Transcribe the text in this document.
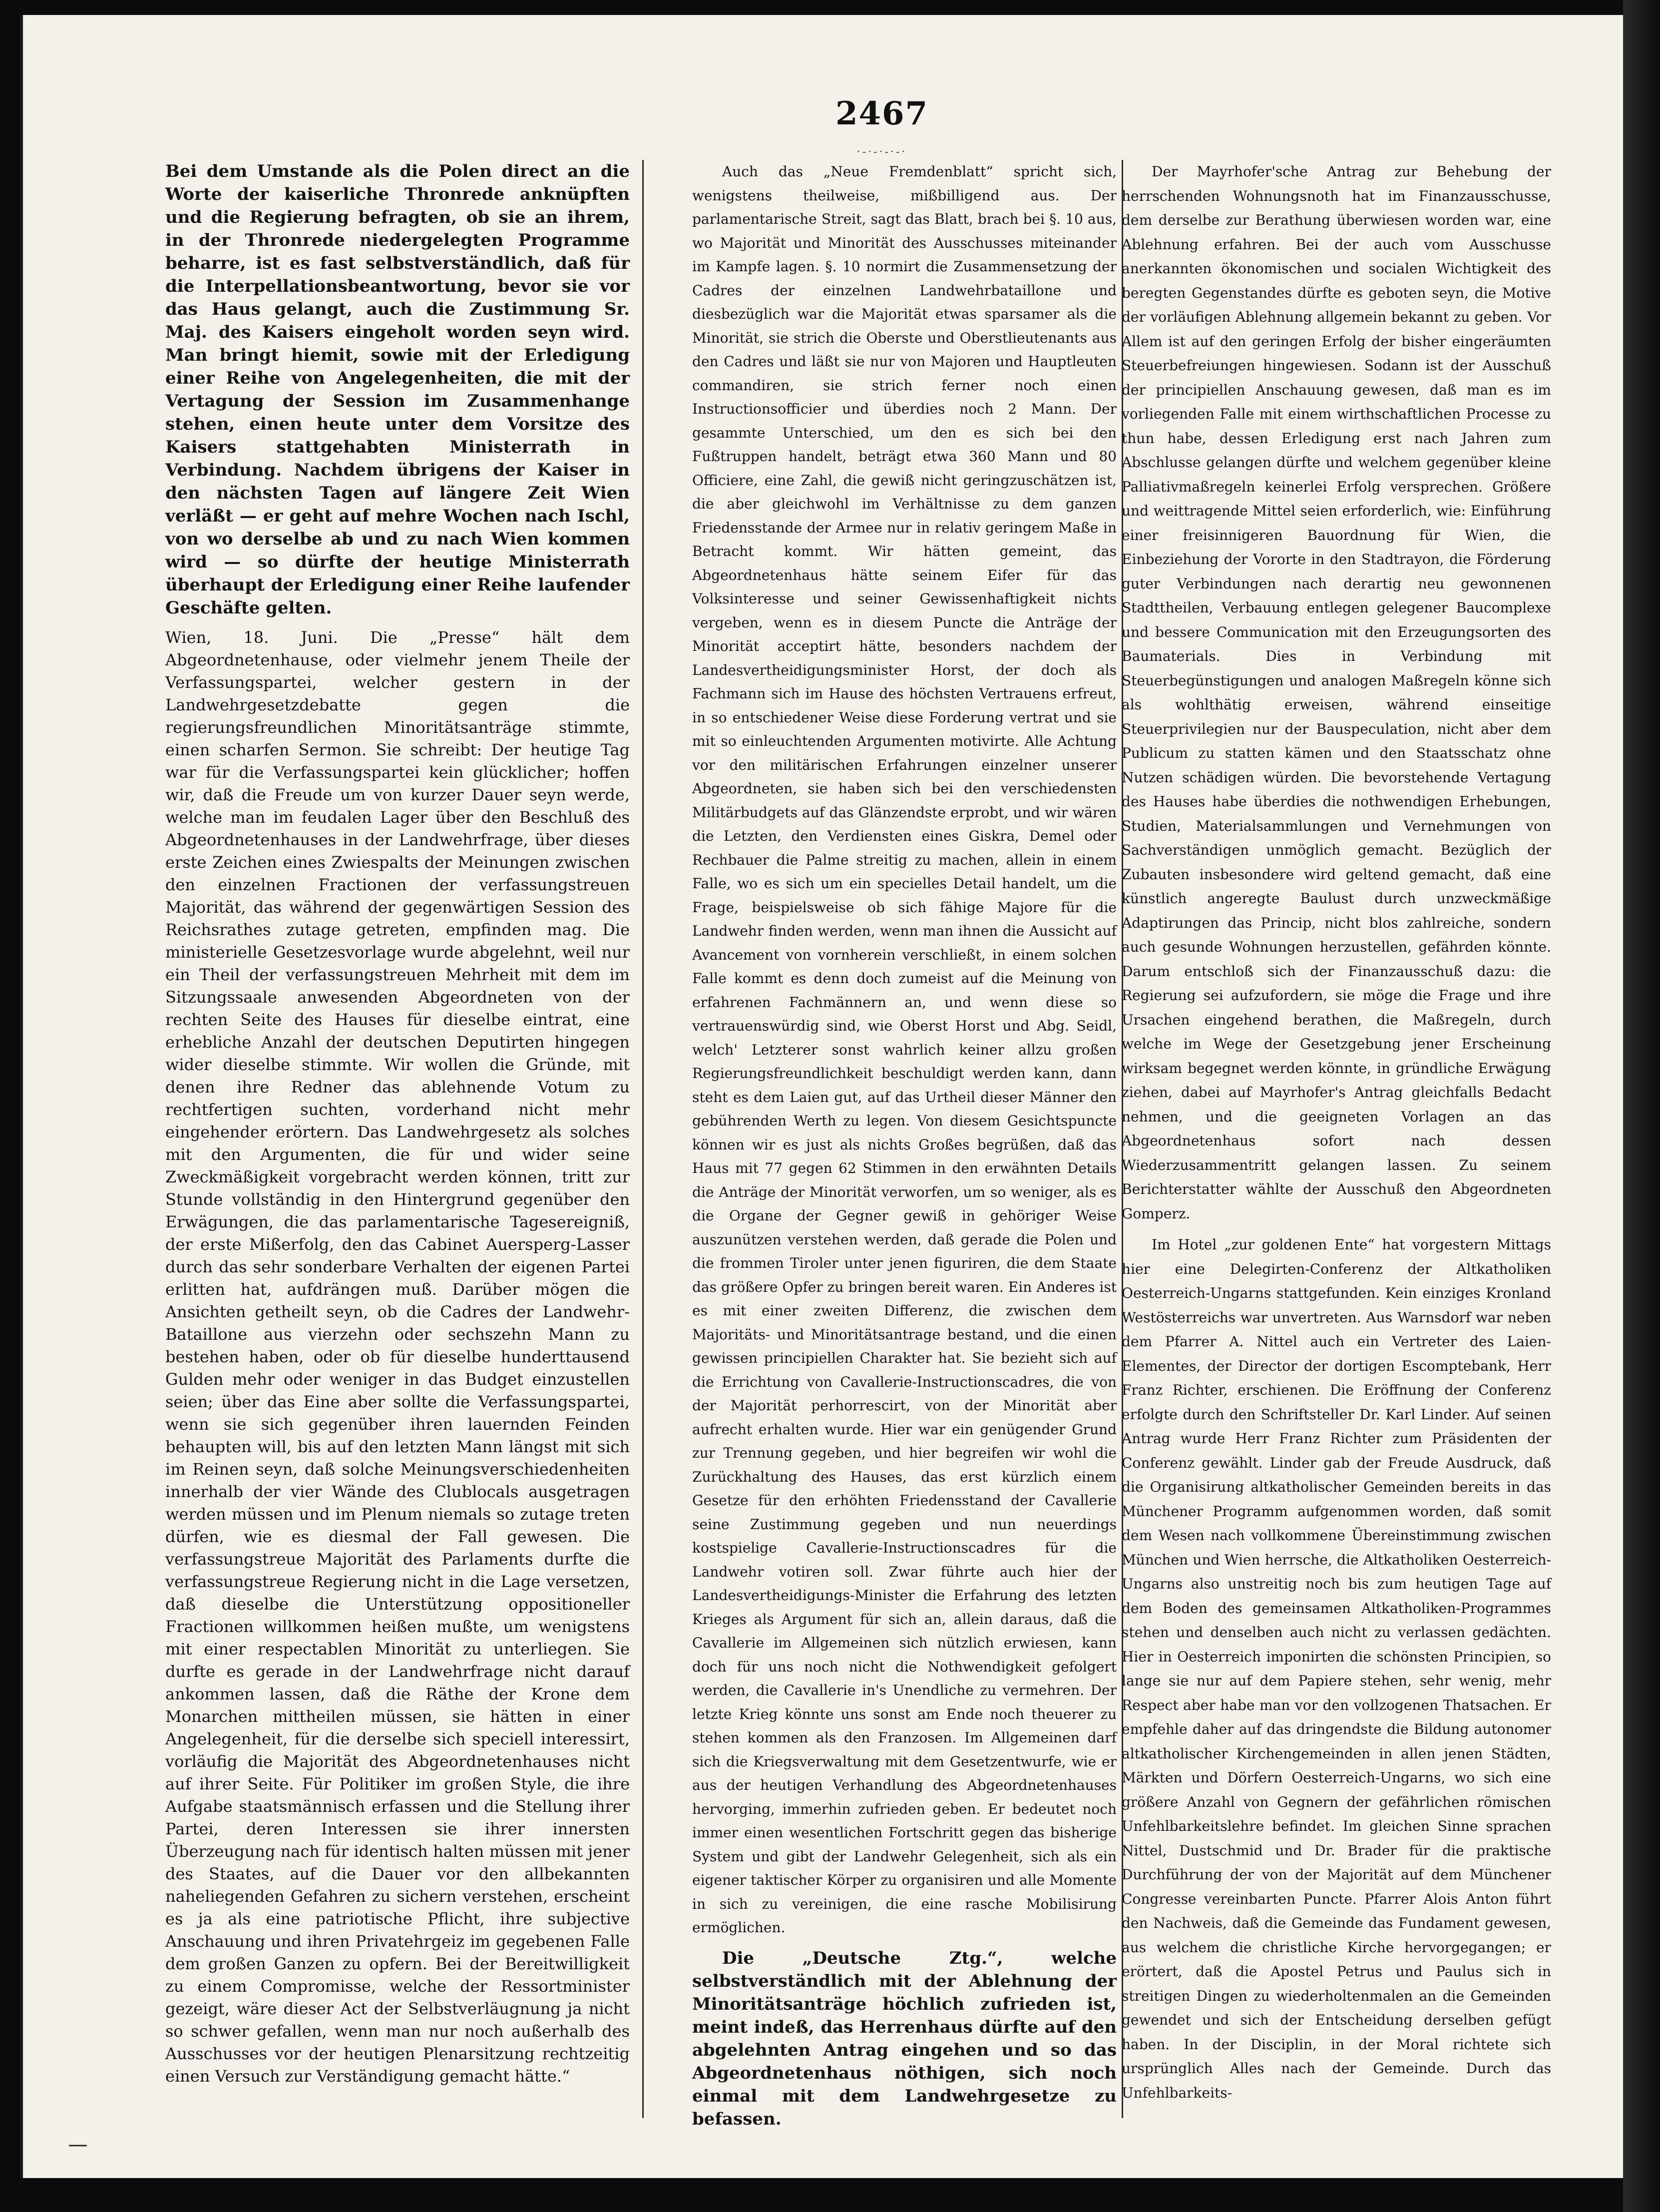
2467
·-·-·-·-·

Bei dem Umstande als die Polen direct an die Worte der kaiserliche Thronrede anknüpften und die Regierung befragten, ob sie an ihrem, in der Thronrede niedergelegten Programme beharre, ist es fast selbstverständlich, daß für die Interpellationsbeantwortung, bevor sie vor das Haus gelangt, auch die Zustimmung Sr. Maj. des Kaisers eingeholt worden seyn wird. Man bringt hiemit, sowie mit der Erledigung einer Reihe von Angelegenheiten, die mit der Vertagung der Session im Zusammenhange stehen, einen heute unter dem Vorsitze des Kaisers stattgehabten Ministerrath in Verbindung. Nachdem übrigens der Kaiser in den nächsten Tagen auf längere Zeit Wien verläßt — er geht auf mehre Wochen nach Ischl, von wo derselbe ab und zu nach Wien kommen wird — so dürfte der heutige Ministerrath überhaupt der Erledigung einer Reihe laufender Geschäfte gelten.

Wien, 18. Juni. Die „Presse“ hält dem Abgeordnetenhause, oder vielmehr jenem Theile der Verfassungspartei, welcher gestern in der Landwehrgesetzdebatte gegen die regierungsfreundlichen Minoritätsanträge stimmte, einen scharfen Sermon. Sie schreibt: Der heutige Tag war für die Verfassungspartei kein glücklicher; hoffen wir, daß die Freude um von kurzer Dauer seyn werde, welche man im feudalen Lager über den Beschluß des Abgeordnetenhauses in der Landwehrfrage, über dieses erste Zeichen eines Zwiespalts der Meinungen zwischen den einzelnen Fractionen der verfassungstreuen Majorität, das während der gegenwärtigen Session des Reichsrathes zutage getreten, empfinden mag. Die ministerielle Gesetzesvorlage wurde abgelehnt, weil nur ein Theil der verfassungstreuen Mehrheit mit dem im Sitzungssaale anwesenden Abgeordneten von der rechten Seite des Hauses für dieselbe eintrat, eine erhebliche Anzahl der deutschen Deputirten hingegen wider dieselbe stimmte. Wir wollen die Gründe, mit denen ihre Redner das ablehnende Votum zu rechtfertigen suchten, vorderhand nicht mehr eingehender erörtern. Das Landwehrgesetz als solches mit den Argumenten, die für und wider seine Zweckmäßigkeit vorgebracht werden können, tritt zur Stunde vollständig in den Hintergrund gegenüber den Erwägungen, die das parlamentarische Tagesereigniß, der erste Mißerfolg, den das Cabinet Auersperg-Lasser durch das sehr sonderbare Verhalten der eigenen Partei erlitten hat, aufdrängen muß. Darüber mögen die Ansichten getheilt seyn, ob die Cadres der Landwehr-Bataillone aus vierzehn oder sechszehn Mann zu bestehen haben, oder ob für dieselbe hunderttausend Gulden mehr oder weniger in das Budget einzustellen seien; über das Eine aber sollte die Verfassungspartei, wenn sie sich gegenüber ihren lauernden Feinden behaupten will, bis auf den letzten Mann längst mit sich im Reinen seyn, daß solche Meinungsverschiedenheiten innerhalb der vier Wände des Clublocals ausgetragen werden müssen und im Plenum niemals so zutage treten dürfen, wie es diesmal der Fall gewesen. Die verfassungstreue Majorität des Parlaments durfte die verfassungstreue Regierung nicht in die Lage versetzen, daß dieselbe die Unterstützung oppositioneller Fractionen willkommen heißen mußte, um wenigstens mit einer respectablen Minorität zu unterliegen. Sie durfte es gerade in der Landwehrfrage nicht darauf ankommen lassen, daß die Räthe der Krone dem Monarchen mittheilen müssen, sie hätten in einer Angelegenheit, für die derselbe sich speciell interessirt, vorläufig die Majorität des Abgeordnetenhauses nicht auf ihrer Seite. Für Politiker im großen Style, die ihre Aufgabe staatsmännisch erfassen und die Stellung ihrer Partei, deren Interessen sie ihrer innersten Überzeugung nach für identisch halten müssen mit jener des Staates, auf die Dauer vor den allbekannten naheliegenden Gefahren zu sichern verstehen, erscheint es ja als eine patriotische Pflicht, ihre subjective Anschauung und ihren Privatehrgeiz im gegebenen Falle dem großen Ganzen zu opfern. Bei der Bereitwilligkeit zu einem Compromisse, welche der Ressortminister gezeigt, wäre dieser Act der Selbstverläugnung ja nicht so schwer gefallen, wenn man nur noch außerhalb des Ausschusses vor der heutigen Plenarsitzung rechtzeitig einen Versuch zur Verständigung gemacht hätte.“

Auch das „Neue Fremdenblatt“ spricht sich, wenigstens theilweise, mißbilligend aus. Der parlamentarische Streit, sagt das Blatt, brach bei §. 10 aus, wo Majorität und Minorität des Ausschusses miteinander im Kampfe lagen. §. 10 normirt die Zusammensetzung der Cadres der einzelnen Landwehrbataillone und diesbezüglich war die Majorität etwas sparsamer als die Minorität, sie strich die Oberste und Oberstlieutenants aus den Cadres und läßt sie nur von Majoren und Hauptleuten commandiren, sie strich ferner noch einen Instructionsofficier und überdies noch 2 Mann. Der gesammte Unterschied, um den es sich bei den Fußtruppen handelt, beträgt etwa 360 Mann und 80 Officiere, eine Zahl, die gewiß nicht geringzuschätzen ist, die aber gleichwohl im Verhältnisse zu dem ganzen Friedensstande der Armee nur in relativ geringem Maße in Betracht kommt. Wir hätten gemeint, das Abgeordnetenhaus hätte seinem Eifer für das Volksinteresse und seiner Gewissenhaftigkeit nichts vergeben, wenn es in diesem Puncte die Anträge der Minorität acceptirt hätte, besonders nachdem der Landesvertheidigungsminister Horst, der doch als Fachmann sich im Hause des höchsten Vertrauens erfreut, in so entschiedener Weise diese Forderung vertrat und sie mit so einleuchtenden Argumenten motivirte. Alle Achtung vor den militärischen Erfahrungen einzelner unserer Abgeordneten, sie haben sich bei den verschiedensten Militärbudgets auf das Glänzendste erprobt, und wir wären die Letzten, den Verdiensten eines Giskra, Demel oder Rechbauer die Palme streitig zu machen, allein in einem Falle, wo es sich um ein specielles Detail handelt, um die Frage, beispielsweise ob sich fähige Majore für die Landwehr finden werden, wenn man ihnen die Aussicht auf Avancement von vornherein verschließt, in einem solchen Falle kommt es denn doch zumeist auf die Meinung von erfahrenen Fachmännern an, und wenn diese so vertrauenswürdig sind, wie Oberst Horst und Abg. Seidl, welch' Letzterer sonst wahrlich keiner allzu großen Regierungsfreundlichkeit beschuldigt werden kann, dann steht es dem Laien gut, auf das Urtheil dieser Männer den gebührenden Werth zu legen. Von diesem Gesichtspuncte können wir es just als nichts Großes begrüßen, daß das Haus mit 77 gegen 62 Stimmen in den erwähnten Details die Anträge der Minorität verworfen, um so weniger, als es die Organe der Gegner gewiß in gehöriger Weise auszunützen verstehen werden, daß gerade die Polen und die frommen Tiroler unter jenen figuriren, die dem Staate das größere Opfer zu bringen bereit waren. Ein Anderes ist es mit einer zweiten Differenz, die zwischen dem Majoritäts- und Minoritätsantrage bestand, und die einen gewissen principiellen Charakter hat. Sie bezieht sich auf die Errichtung von Cavallerie-Instructionscadres, die von der Majorität perhorrescirt, von der Minorität aber aufrecht erhalten wurde. Hier war ein genügender Grund zur Trennung gegeben, und hier begreifen wir wohl die Zurückhaltung des Hauses, das erst kürzlich einem Gesetze für den erhöhten Friedensstand der Cavallerie seine Zustimmung gegeben und nun neuerdings kostspielige Cavallerie-Instructionscadres für die Landwehr votiren soll. Zwar führte auch hier der Landesvertheidigungs-Minister die Erfahrung des letzten Krieges als Argument für sich an, allein daraus, daß die Cavallerie im Allgemeinen sich nützlich erwiesen, kann doch für uns noch nicht die Nothwendigkeit gefolgert werden, die Cavallerie in's Unendliche zu vermehren. Der letzte Krieg könnte uns sonst am Ende noch theuerer zu stehen kommen als den Franzosen. Im Allgemeinen darf sich die Kriegsverwaltung mit dem Gesetzentwurfe, wie er aus der heutigen Verhandlung des Abgeordnetenhauses hervorging, immerhin zufrieden geben. Er bedeutet noch immer einen wesentlichen Fortschritt gegen das bisherige System und gibt der Landwehr Gelegenheit, sich als ein eigener taktischer Körper zu organisiren und alle Momente in sich zu vereinigen, die eine rasche Mobilisirung ermöglichen.

Die „Deutsche Ztg.“, welche selbstverständlich mit der Ablehnung der Minoritätsanträge höchlich zufrieden ist, meint indeß, das Herrenhaus dürfte auf den abgelehnten Antrag eingehen und so das Abgeordnetenhaus nöthigen, sich noch einmal mit dem Landwehrgesetze zu befassen.

Der Mayrhofer'sche Antrag zur Behebung der herrschenden Wohnungsnoth hat im Finanzausschusse, dem derselbe zur Berathung überwiesen worden war, eine Ablehnung erfahren. Bei der auch vom Ausschusse anerkannten ökonomischen und socialen Wichtigkeit des beregten Gegenstandes dürfte es geboten seyn, die Motive der vorläufigen Ablehnung allgemein bekannt zu geben. Vor Allem ist auf den geringen Erfolg der bisher eingeräumten Steuerbefreiungen hingewiesen. Sodann ist der Ausschuß der principiellen Anschauung gewesen, daß man es im vorliegenden Falle mit einem wirthschaftlichen Processe zu thun habe, dessen Erledigung erst nach Jahren zum Abschlusse gelangen dürfte und welchem gegenüber kleine Palliativmaßregeln keinerlei Erfolg versprechen. Größere und weittragende Mittel seien erforderlich, wie: Einführung einer freisinnigeren Bauordnung für Wien, die Einbeziehung der Vororte in den Stadtrayon, die Förderung guter Verbindungen nach derartig neu gewonnenen Stadttheilen, Verbauung entlegen gelegener Baucomplexe und bessere Communication mit den Erzeugungsorten des Baumaterials. Dies in Verbindung mit Steuerbegünstigungen und analogen Maßregeln könne sich als wohlthätig erweisen, während einseitige Steuerprivilegien nur der Bauspeculation, nicht aber dem Publicum zu statten kämen und den Staatsschatz ohne Nutzen schädigen würden. Die bevorstehende Vertagung des Hauses habe überdies die nothwendigen Erhebungen, Studien, Materialsammlungen und Vernehmungen von Sachverständigen unmöglich gemacht. Bezüglich der Zubauten insbesondere wird geltend gemacht, daß eine künstlich angeregte Baulust durch unzweckmäßige Adaptirungen das Princip, nicht blos zahlreiche, sondern auch gesunde Wohnungen herzustellen, gefährden könnte. Darum entschloß sich der Finanzausschuß dazu: die Regierung sei aufzufordern, sie möge die Frage und ihre Ursachen eingehend berathen, die Maßregeln, durch welche im Wege der Gesetzgebung jener Erscheinung wirksam begegnet werden könnte, in gründliche Erwägung ziehen, dabei auf Mayrhofer's Antrag gleichfalls Bedacht nehmen, und die geeigneten Vorlagen an das Abgeordnetenhaus sofort nach dessen Wiederzusammentritt gelangen lassen. Zu seinem Berichterstatter wählte der Ausschuß den Abgeordneten Gomperz.

Im Hotel „zur goldenen Ente“ hat vorgestern Mittags hier eine Delegirten-Conferenz der Altkatholiken Oesterreich-Ungarns stattgefunden. Kein einziges Kronland Westösterreichs war unvertreten. Aus Warnsdorf war neben dem Pfarrer A. Nittel auch ein Vertreter des Laien-Elementes, der Director der dortigen Escomptebank, Herr Franz Richter, erschienen. Die Eröffnung der Conferenz erfolgte durch den Schriftsteller Dr. Karl Linder. Auf seinen Antrag wurde Herr Franz Richter zum Präsidenten der Conferenz gewählt. Linder gab der Freude Ausdruck, daß die Organisirung altkatholischer Gemeinden bereits in das Münchener Programm aufgenommen worden, daß somit dem Wesen nach vollkommene Übereinstimmung zwischen München und Wien herrsche, die Altkatholiken Oesterreich-Ungarns also unstreitig noch bis zum heutigen Tage auf dem Boden des gemeinsamen Altkatholiken-Programmes stehen und denselben auch nicht zu verlassen gedächten. Hier in Oesterreich imponirten die schönsten Principien, so lange sie nur auf dem Papiere stehen, sehr wenig, mehr Respect aber habe man vor den vollzogenen Thatsachen. Er empfehle daher auf das dringendste die Bildung autonomer altkatholischer Kirchengemeinden in allen jenen Städten, Märkten und Dörfern Oesterreich-Ungarns, wo sich eine größere Anzahl von Gegnern der gefährlichen römischen Unfehlbarkeitslehre befindet. Im gleichen Sinne sprachen Nittel, Dustschmid und Dr. Brader für die praktische Durchführung der von der Majorität auf dem Münchener Congresse vereinbarten Puncte. Pfarrer Alois Anton führt den Nachweis, daß die Gemeinde das Fundament gewesen, aus welchem die christliche Kirche hervorgegangen; er erörtert, daß die Apostel Petrus und Paulus sich in streitigen Dingen zu wiederholtenmalen an die Gemeinden gewendet und sich der Entscheidung derselben gefügt haben. In der Disciplin, in der Moral richtete sich ursprünglich Alles nach der Gemeinde. Durch das Unfehlbarkeits-

—
